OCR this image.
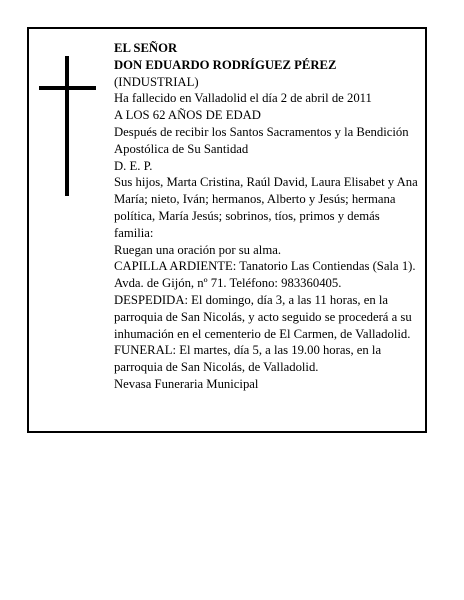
EL SEÑOR

DON EDUARDO RODRÍGUEZ PÉREZ

(INDUSTRIAL)

Ha fallecido en Valladolid el día 2 de abril de 2011

A LOS 62 AÑOS DE EDAD

Después de recibir los Santos Sacramentos y la Bendición Apostólica de Su Santidad

D. E. P.

Sus hijos, Marta Cristina, Raúl David, Laura Elisabet y Ana María; nieto, Iván; hermanos, Alberto y Jesús; hermana política, María Jesús; sobrinos, tíos, primos y demás familia:

Ruegan una oración por su alma.

CAPILLA ARDIENTE: Tanatorio Las Contiendas (Sala 1). Avda. de Gijón, nº 71. Teléfono: 983360405.

DESPEDIDA: El domingo, día 3, a las 11 horas, en la parroquia de San Nicolás, y acto seguido se procederá a su inhumación en el cementerio de El Carmen, de Valladolid.

FUNERAL: El martes, día 5, a las 19.00 horas, en la parroquia de San Nicolás, de Valladolid.

Nevasa Funeraria Municipal
